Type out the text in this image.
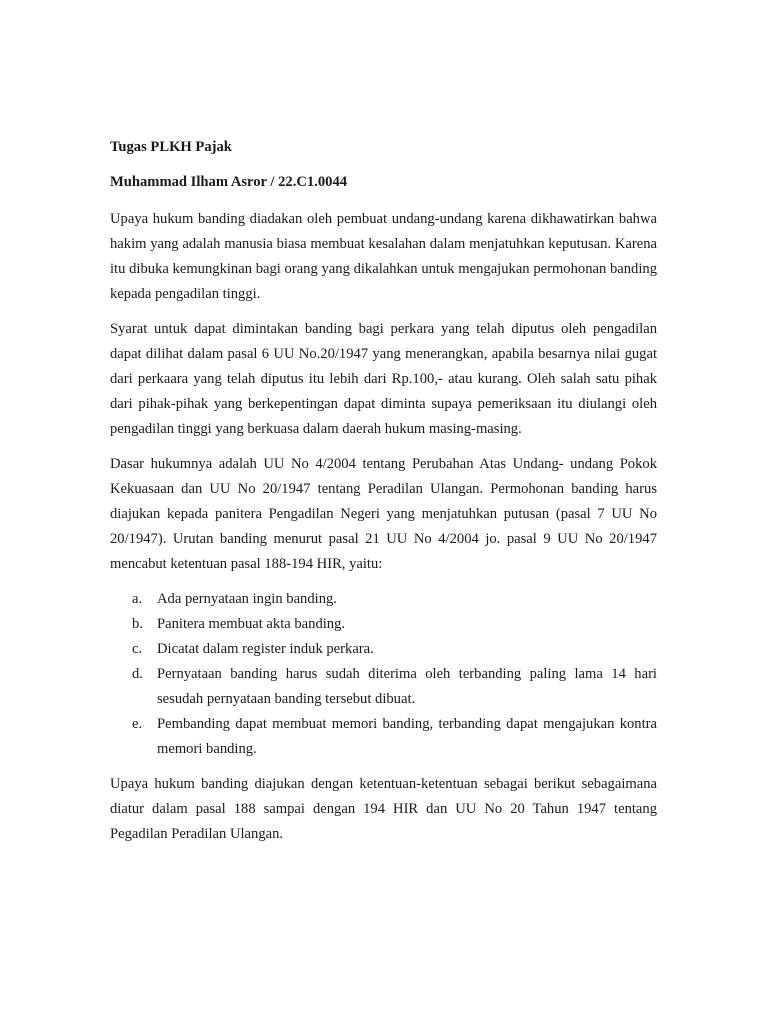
Tugas PLKH Pajak

Muhammad Ilham Asror / 22.C1.0044

Upaya hukum banding diadakan oleh pembuat undang-undang karena dikhawatirkan bahwa hakim yang adalah manusia biasa membuat kesalahan dalam menjatuhkan keputusan. Karena itu dibuka kemungkinan bagi orang yang dikalahkan untuk mengajukan permohonan banding kepada pengadilan tinggi.

Syarat untuk dapat dimintakan banding bagi perkara yang telah diputus oleh pengadilan dapat dilihat dalam pasal 6 UU No.20/1947 yang menerangkan, apabila besarnya nilai gugat dari perkaara yang telah diputus itu lebih dari Rp.100,- atau kurang. Oleh salah satu pihak dari pihak-pihak yang berkepentingan dapat diminta supaya pemeriksaan itu diulangi oleh pengadilan tinggi yang berkuasa dalam daerah hukum masing-masing.

Dasar hukumnya adalah UU No 4/2004 tentang Perubahan Atas Undang- undang Pokok Kekuasaan dan UU No 20/1947 tentang Peradilan Ulangan. Permohonan banding harus diajukan kepada panitera Pengadilan Negeri yang menjatuhkan putusan (pasal 7 UU No 20/1947). Urutan banding menurut pasal 21 UU No 4/2004 jo. pasal 9 UU No 20/1947 mencabut ketentuan pasal 188-194 HIR, yaitu:

a. Ada pernyataan ingin banding.
b. Panitera membuat akta banding.
c. Dicatat dalam register induk perkara.
d. Pernyataan banding harus sudah diterima oleh terbanding paling lama 14 hari sesudah pernyataan banding tersebut dibuat.
e. Pembanding dapat membuat memori banding, terbanding dapat mengajukan kontra memori banding.

Upaya hukum banding diajukan dengan ketentuan-ketentuan sebagai berikut sebagaimana diatur dalam pasal 188 sampai dengan 194 HIR dan UU No 20 Tahun 1947 tentang Pegadilan Peradilan Ulangan.
